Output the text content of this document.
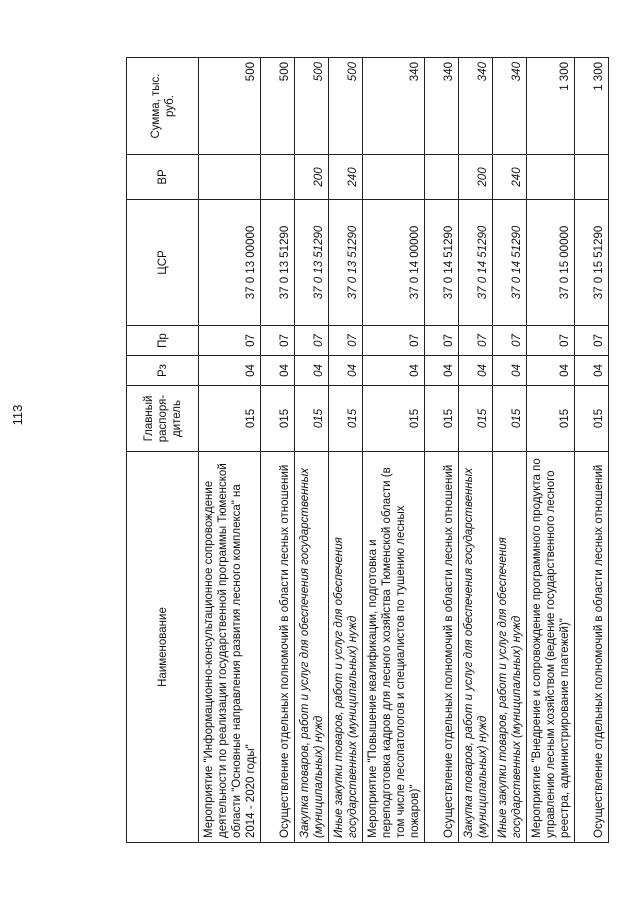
113
Наименование	Главный распоря-дитель	Рз	Пр	ЦСР	ВР	Сумма, тыс. руб.
Мероприятие "Информационно-консультационное сопровождение деятельности по реализации государственной программы Тюменской области "Основные направления развития лесного комплекса" на 2014 - 2020 годы"	015	04	07	37 0 13 00000		500
Осуществление отдельных полномочий в области лесных отношений	015	04	07	37 0 13 51290		500
Закупка товаров, работ и услуг для обеспечения государственных (муниципальных) нужд	015	04	07	37 0 13 51290	200	500
Иные закупки товаров, работ и услуг для обеспечения государственных (муниципальных) нужд	015	04	07	37 0 13 51290	240	500
Мероприятие "Повышение квалификации, подготовка и переподготовка кадров для лесного хозяйства Тюменской области (в том числе лесопатологов и специалистов по тушению лесных пожаров)"	015	04	07	37 0 14 00000		340
Осуществление отдельных полномочий в области лесных отношений	015	04	07	37 0 14 51290		340
Закупка товаров, работ и услуг для обеспечения государственных (муниципальных) нужд	015	04	07	37 0 14 51290	200	340
Иные закупки товаров, работ и услуг для обеспечения государственных (муниципальных) нужд	015	04	07	37 0 14 51290	240	340
Мероприятие "Внедрение и сопровождение программного продукта по управлению лесным хозяйством (ведение государственного лесного реестра, администрирование платежей)"	015	04	07	37 0 15 00000		1 300
Осуществление отдельных полномочий в области лесных отношений	015	04	07	37 0 15 51290		1 300
